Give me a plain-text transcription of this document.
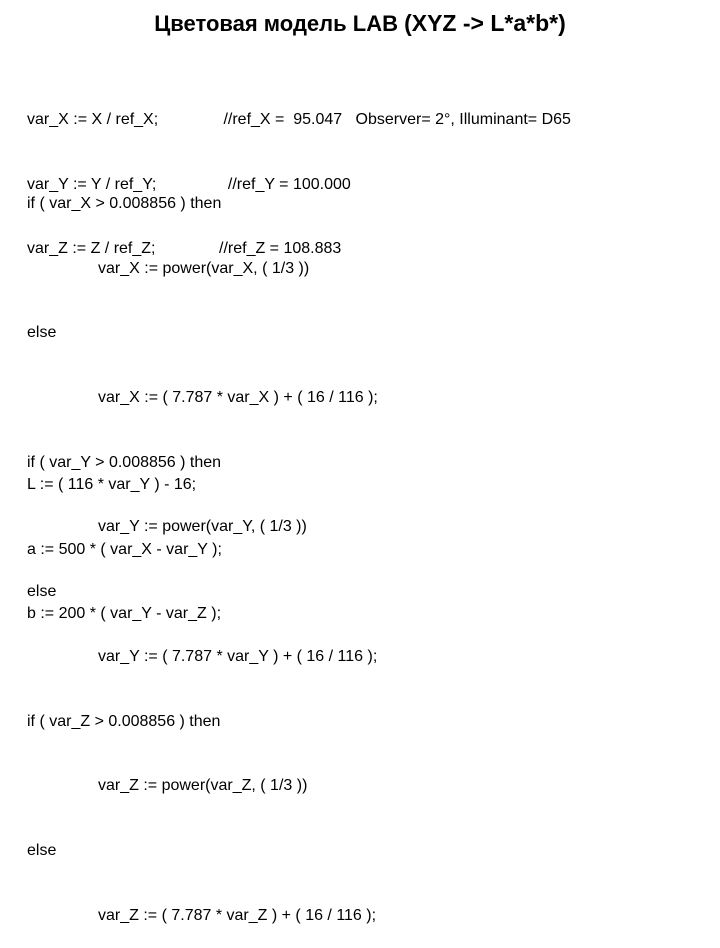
Цветовая модель LAB (XYZ -> L*a*b*)

var_X := X / ref_X;

var_Y := Y / ref_Y;

var_Z := Z / ref_Z;

//ref_X =  95.047   Observer= 2°, Illuminant= D65

//ref_Y = 100.000

//ref_Z = 108.883

if ( var_X > 0.008856 ) then

var_X := power(var_X, ( 1/3 ))

else

var_X := ( 7.787 * var_X ) + ( 16 / 116 );

if ( var_Y > 0.008856 ) then

var_Y := power(var_Y, ( 1/3 ))

else

var_Y := ( 7.787 * var_Y ) + ( 16 / 116 );

if ( var_Z > 0.008856 ) then

var_Z := power(var_Z, ( 1/3 ))

else

var_Z := ( 7.787 * var_Z ) + ( 16 / 116 );

L := ( 116 * var_Y ) - 16;

a := 500 * ( var_X - var_Y );

b := 200 * ( var_Y - var_Z );
